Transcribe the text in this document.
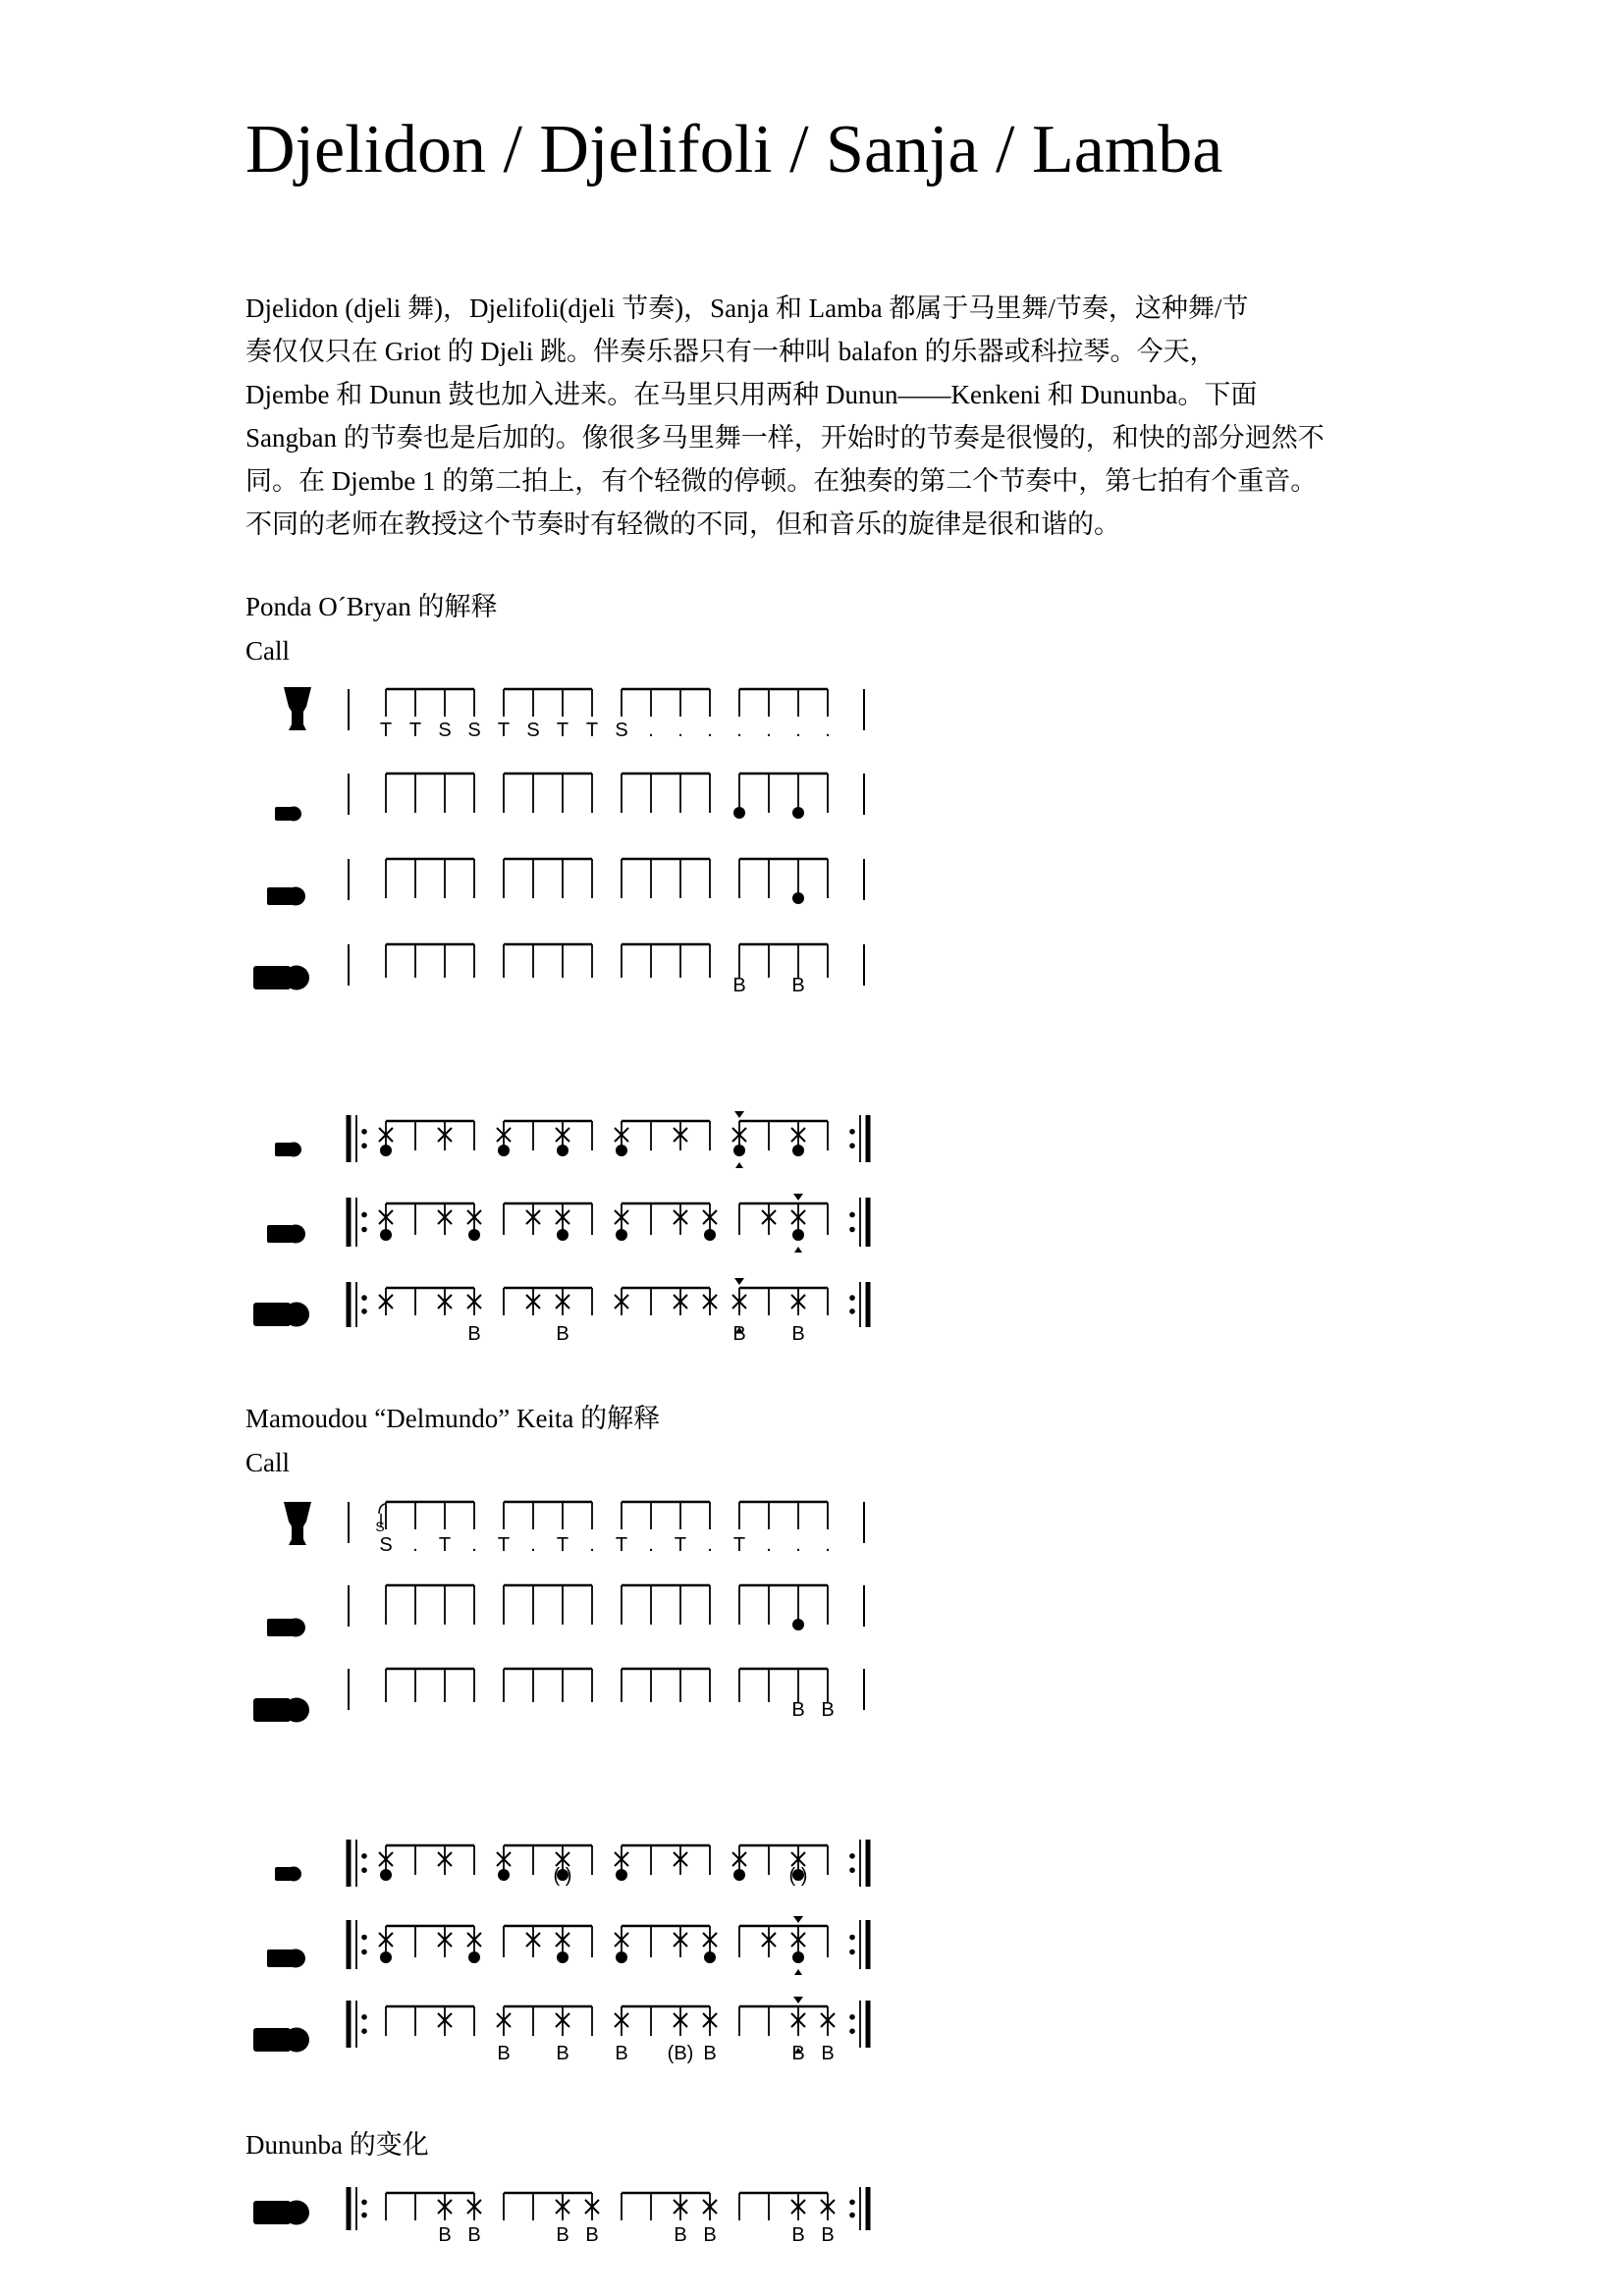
Djelidon / Djelifoli / Sanja / Lamba
Djelidon (djeli 舞)，Djelifoli(djeli 节奏)，Sanja 和 Lamba 都属于马里舞/节奏，这种舞/节
奏仅仅只在 Griot 的 Djeli 跳。伴奏乐器只有一种叫 balafon 的乐器或科拉琴。今天，
Djembe 和 Dunun 鼓也加入进来。在马里只用两种 Dunun——Kenkeni 和 Dununba。下面
Sangban 的节奏也是后加的。像很多马里舞一样，开始时的节奏是很慢的，和快的部分迥然不
同。在 Djembe 1 的第二拍上，有个轻微的停顿。在独奏的第二个节奏中，第七拍有个重音。
不同的老师在教授这个节奏时有轻微的不同，但和音乐的旋律是很和谐的。
Ponda O´Bryan 的解释
Call
T T S S T S T T S . . . . . . .
B B
B	B	B B
Mamoudou “Delmundo” Keita 的解释
Call
S
S . T . T . T . T . T . T . . .
B B
( )	( )
B B B (B) B	B B
Dununba 的变化
B B	B B	B B	B B
